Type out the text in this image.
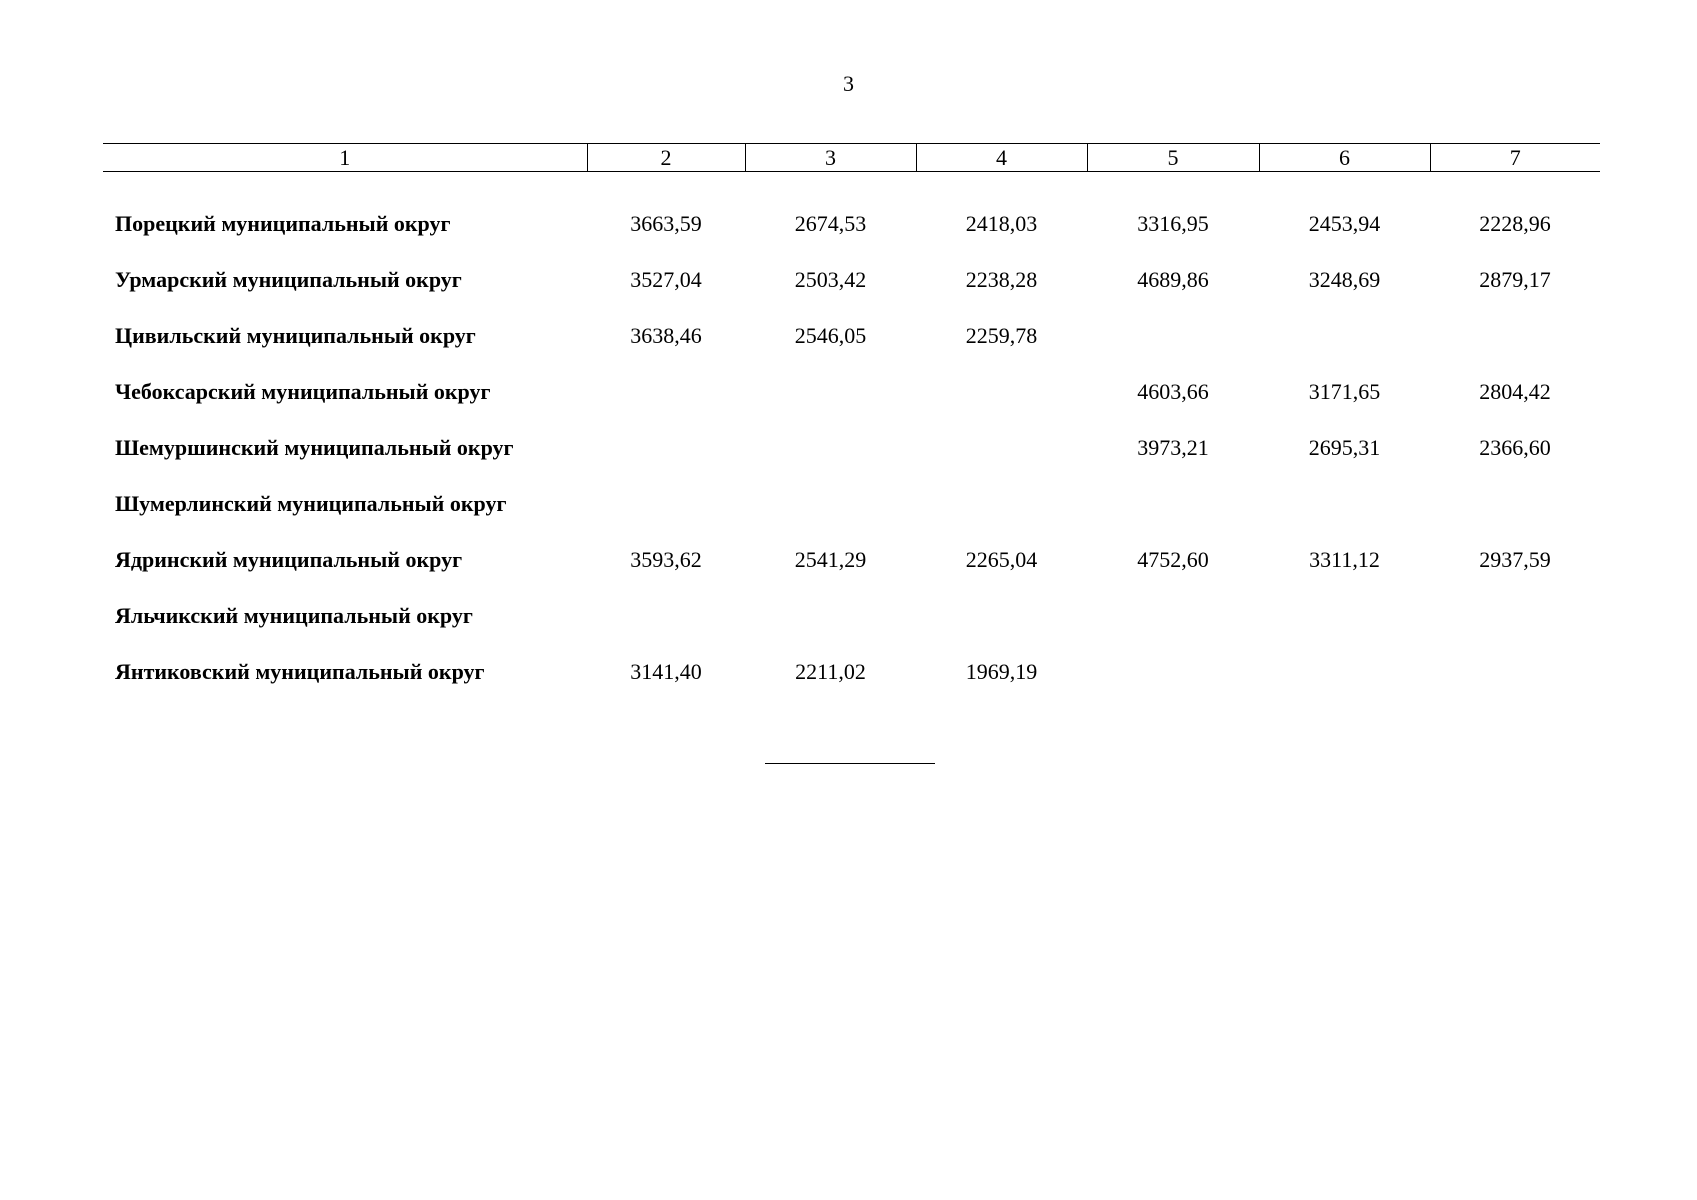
3
1	2	3	4	5	6	7
Порецкий муниципальный округ	3663,59	2674,53	2418,03	3316,95	2453,94	2228,96
Урмарский муниципальный округ	3527,04	2503,42	2238,28	4689,86	3248,69	2879,17
Цивильский муниципальный округ	3638,46	2546,05	2259,78			
Чебоксарский муниципальный округ				4603,66	3171,65	2804,42
Шемуршинский муниципальный округ				3973,21	2695,31	2366,60
Шумерлинский муниципальный округ						
Ядринский муниципальный округ	3593,62	2541,29	2265,04	4752,60	3311,12	2937,59
Яльчикский муниципальный округ						
Янтиковский муниципальный округ	3141,40	2211,02	1969,19			
